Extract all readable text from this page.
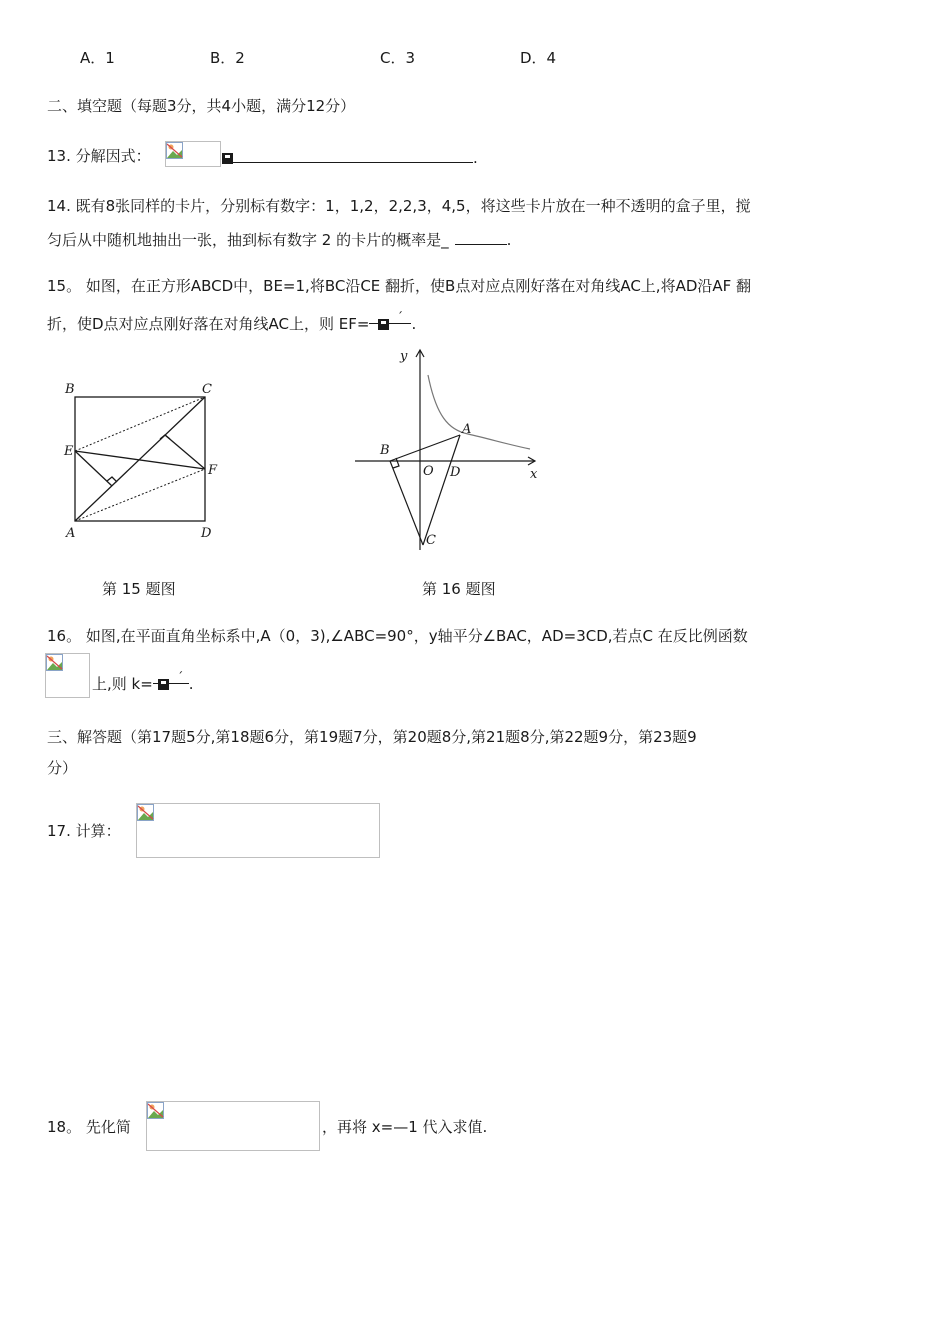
A．1	B．2	C．3	D．4
二、填空题（每题3分，共4小题，满分12分）
13. 分解因式：	.
14. 既有8张同样的卡片，分别标有数字：1，1,2，2,2,3，4,5，将这些卡片放在一种不透明的盒子里，搅
匀后从中随机地抽出一张，抽到标有数字 2 的卡片的概率是_	.
15。 如图，在正方形ABCD中，BE=1,将BC沿CE 翻折，使B点对应点刚好落在对角线AC上,将AD沿AF 翻
折，使D点对应点刚好落在对角线AC上，则 EF= ´ .
B	C
E
F
A	D
第 15 题图
y
A
B
O D	x
C
第 16 题图
16。 如图,在平面直角坐标系中,A（0，3),∠ABC=90°，y轴平分∠BAC，AD=3CD,若点C 在反比例函数
上,则 k= ´ .
三、解答题（第17题5分,第18题6分，第19题7分，第20题8分,第21题8分,第22题9分，第23题9
分）
17. 计算：
18。 先化简	，再将 x=—1 代入求值.
